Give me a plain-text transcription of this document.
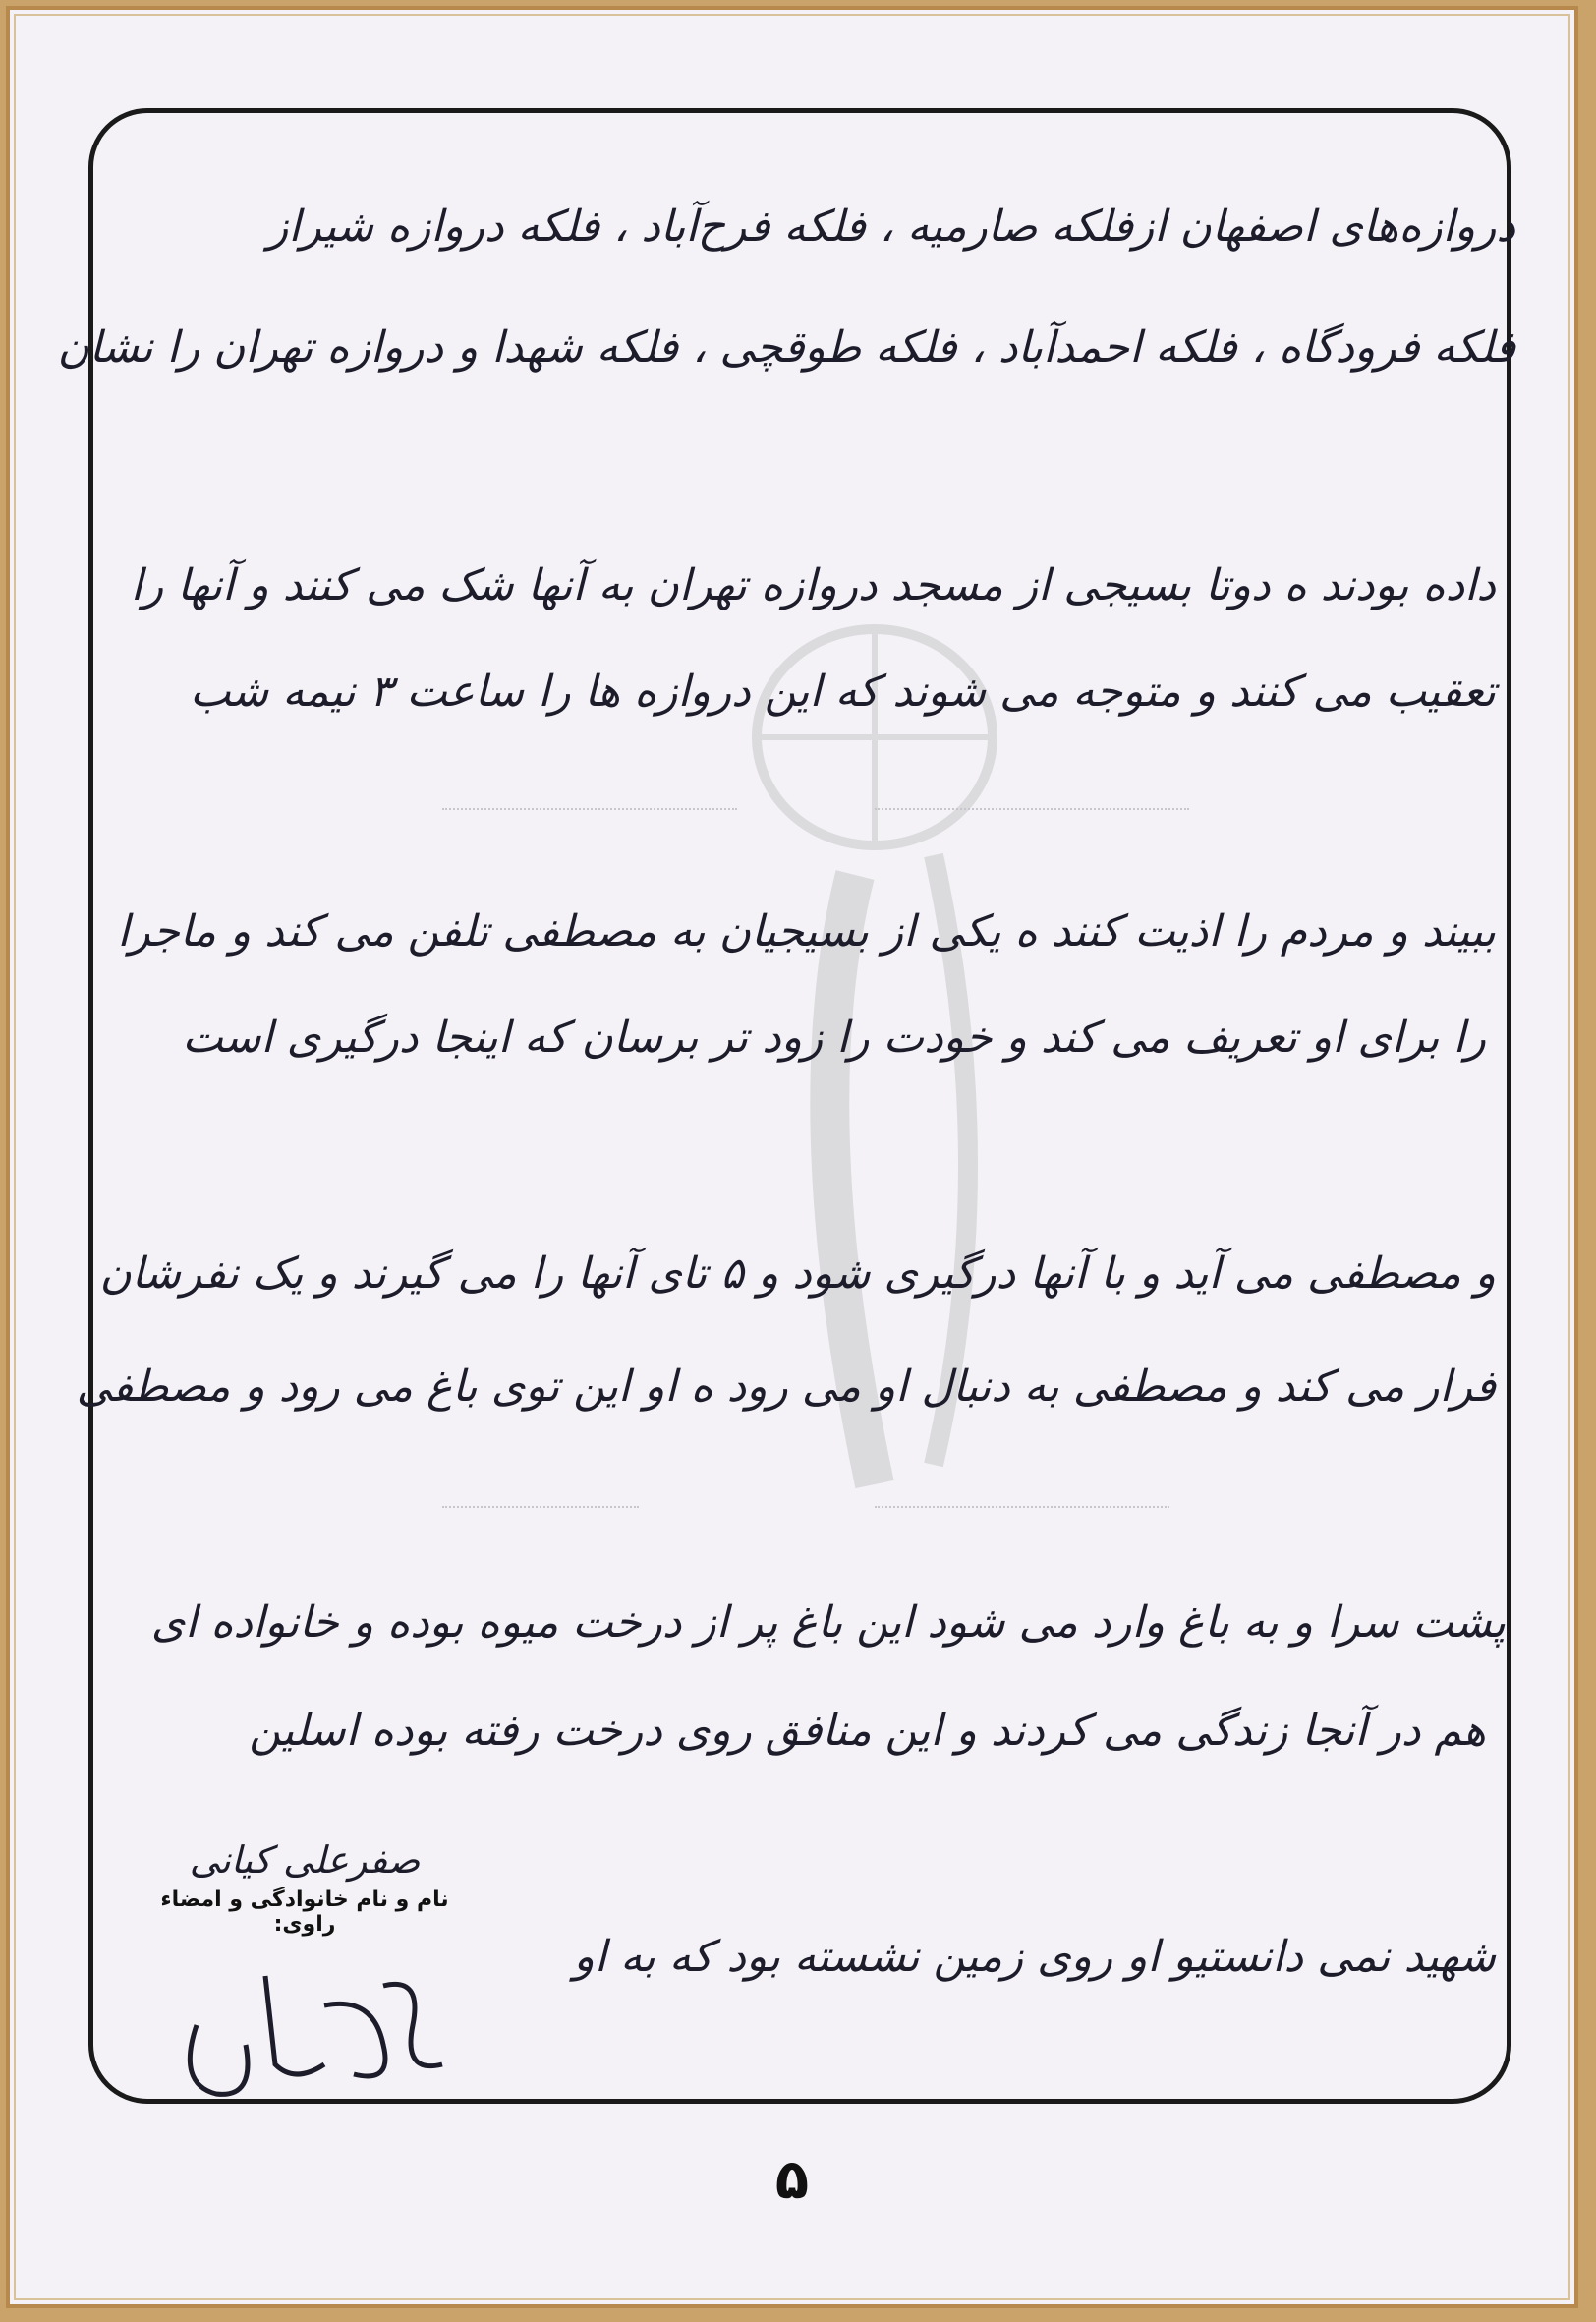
درواز‌ه‌های اصفهان ازفلکه صارمیه ، فلکه فرح‌آباد ، فلکه دروازه شیراز
فلکه فرودگاه ، فلکه احمدآباد ، فلکه طوقچی ، فلکه شهدا و دروازه تهران را نشان
داده بودند ه دوتا بسیجی از مسجد دروازه تهران به آنها شک می کنند و آنها را
تعقیب می کنند و متوجه می شوند که این دروازه ها را ساعت ۳ نیمه شب
ببیند و مردم را اذیت کنند ه یکی از بسیجیان به مصطفی تلفن می کند و ماجرا
را برای او تعریف می کند و خودت را زود تر برسان که اینجا درگیری است
و مصطفی می آید و با آنها درگیری شود و ۵ تای آنها را می گیرند و یک نفرشان
فرار می کند و مصطفی به دنبال او می رود ه او این توی باغ می رود و مصطفی
پشت سرا و به باغ وارد می شود این باغ پر از درخت میوه بوده و خانواده ای
هم در آنجا زندگی می کردند و این منافق روی درخت رفته بوده اسلین
شهید نمی دانستیو او روی زمین نشسته بود که به او
صفرعلی کیانی
نام و نام خانوادگی و امضاء راوی:
۵
